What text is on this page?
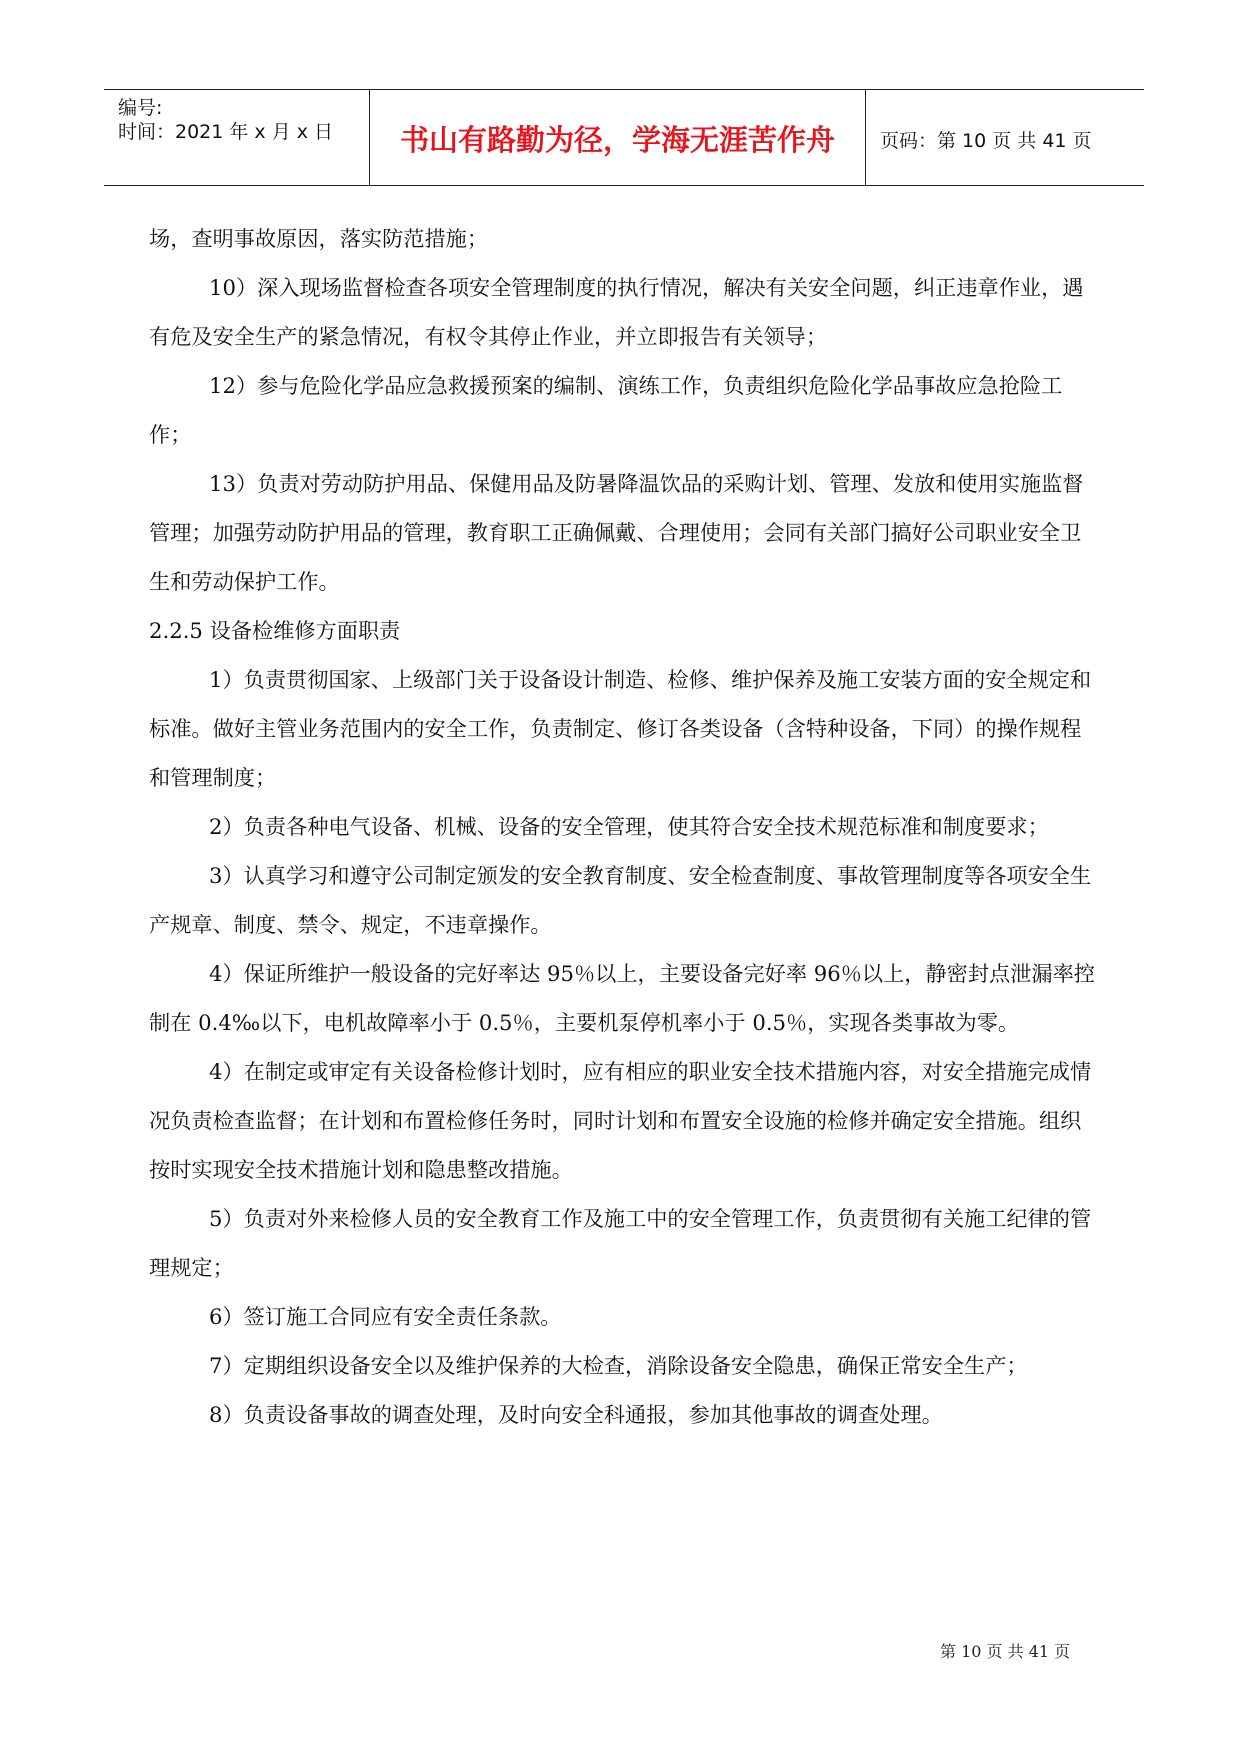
编号:
时间：2021 年 x 月 x 日	书山有路勤为径，学海无涯苦作舟	页码：第 10 页 共 41 页

场，查明事故原因，落实防范措施；

10）深入现场监督检查各项安全管理制度的执行情况，解决有关安全问题，纠正违章作业，遇有危及安全生产的紧急情况，有权令其停止作业，并立即报告有关领导；

12）参与危险化学品应急救援预案的编制、演练工作，负责组织危险化学品事故应急抢险工作；

13）负责对劳动防护用品、保健用品及防暑降温饮品的采购计划、管理、发放和使用实施监督管理；加强劳动防护用品的管理，教育职工正确佩戴、合理使用；会同有关部门搞好公司职业安全卫生和劳动保护工作。

2.2.5 设备检维修方面职责

1）负责贯彻国家、上级部门关于设备设计制造、检修、维护保养及施工安装方面的安全规定和标准。做好主管业务范围内的安全工作，负责制定、修订各类设备（含特种设备，下同）的操作规程和管理制度；

2）负责各种电气设备、机械、设备的安全管理，使其符合安全技术规范标准和制度要求；

3）认真学习和遵守公司制定颁发的安全教育制度、安全检查制度、事故管理制度等各项安全生产规章、制度、禁令、规定，不违章操作。

4）保证所维护一般设备的完好率达 95％以上，主要设备完好率 96％以上，静密封点泄漏率控制在 0.4‰以下，电机故障率小于 0.5％，主要机泵停机率小于 0.5％，实现各类事故为零。

4）在制定或审定有关设备检修计划时，应有相应的职业安全技术措施内容，对安全措施完成情况负责检查监督；在计划和布置检修任务时，同时计划和布置安全设施的检修并确定安全措施。组织按时实现安全技术措施计划和隐患整改措施。

5）负责对外来检修人员的安全教育工作及施工中的安全管理工作，负责贯彻有关施工纪律的管理规定；

6）签订施工合同应有安全责任条款。

7）定期组织设备安全以及维护保养的大检查，消除设备安全隐患，确保正常安全生产；

8）负责设备事故的调查处理，及时向安全科通报，参加其他事故的调查处理。

第 10 页 共 41 页
